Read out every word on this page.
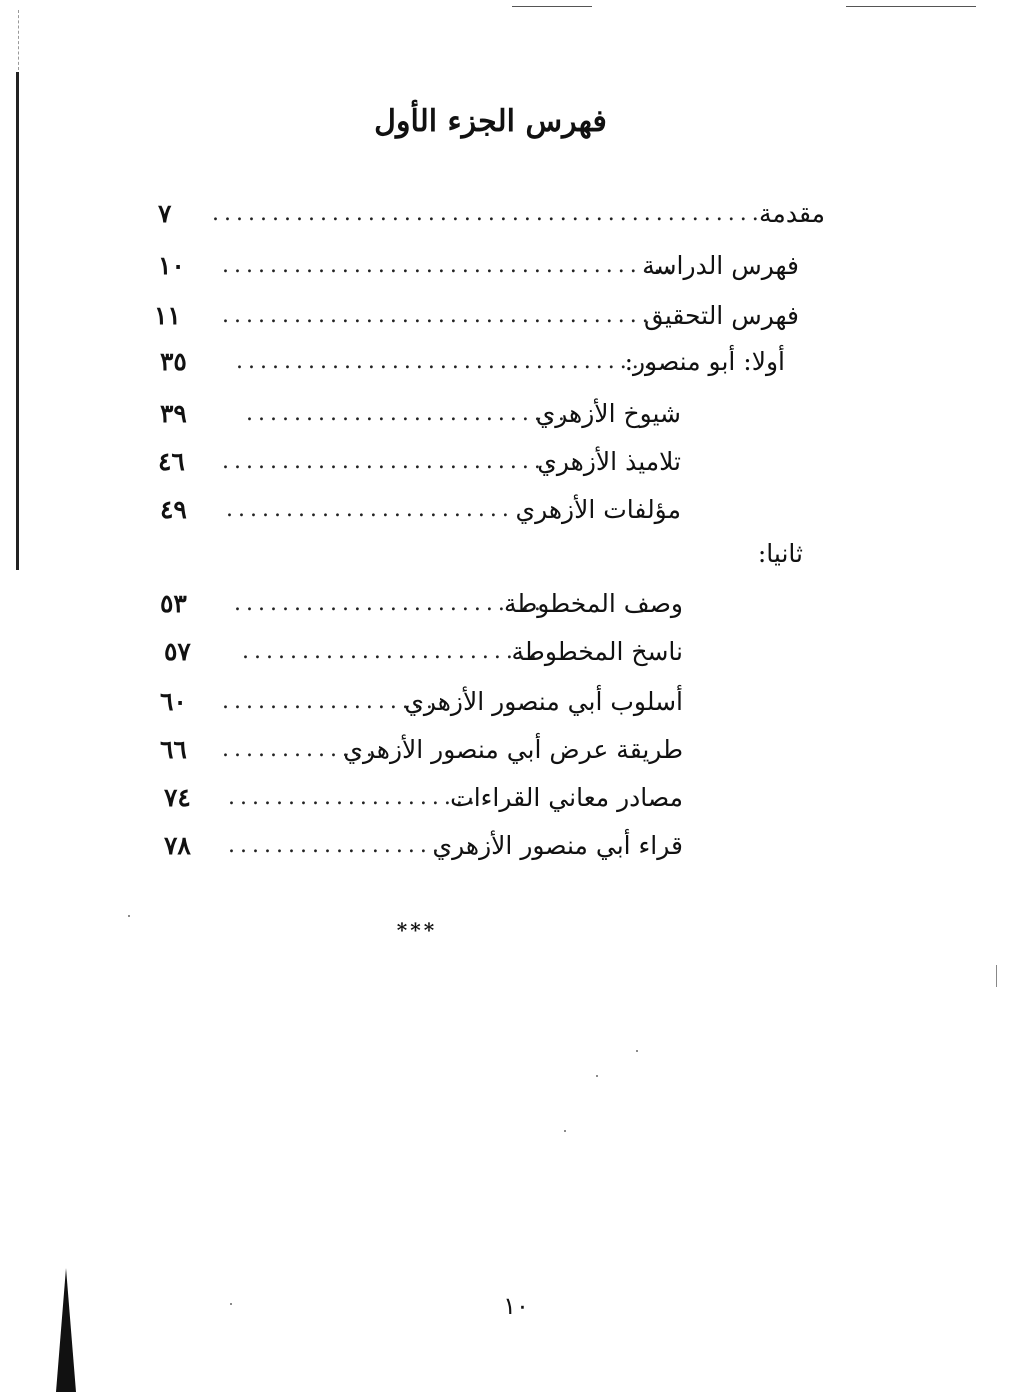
فهرس الجزء الأول
مقدمة
..............................................
٧
فهرس الدراسة
......................................
١٠
فهرس التحقيق
....................................
١١
أولا: أبو منصور:
...................................
٣٥
شيوخ الأزهري
...........................
٣٩
تلاميذ الأزهري
............................
٤٦
مؤلفات الأزهري
........................
٤٩
ثانيا:
وصف المخطوطة
..........................
٥٣
ناسخ المخطوطة
.........................
٥٧
أسلوب أبي منصور الأزهري
..................
٦٠
طريقة عرض أبي منصور الأزهري
.............
٦٦
مصادر معاني القراءات
.....................
٧٤
قراء أبي منصور الأزهري
...................
٧٨
***
١٠
